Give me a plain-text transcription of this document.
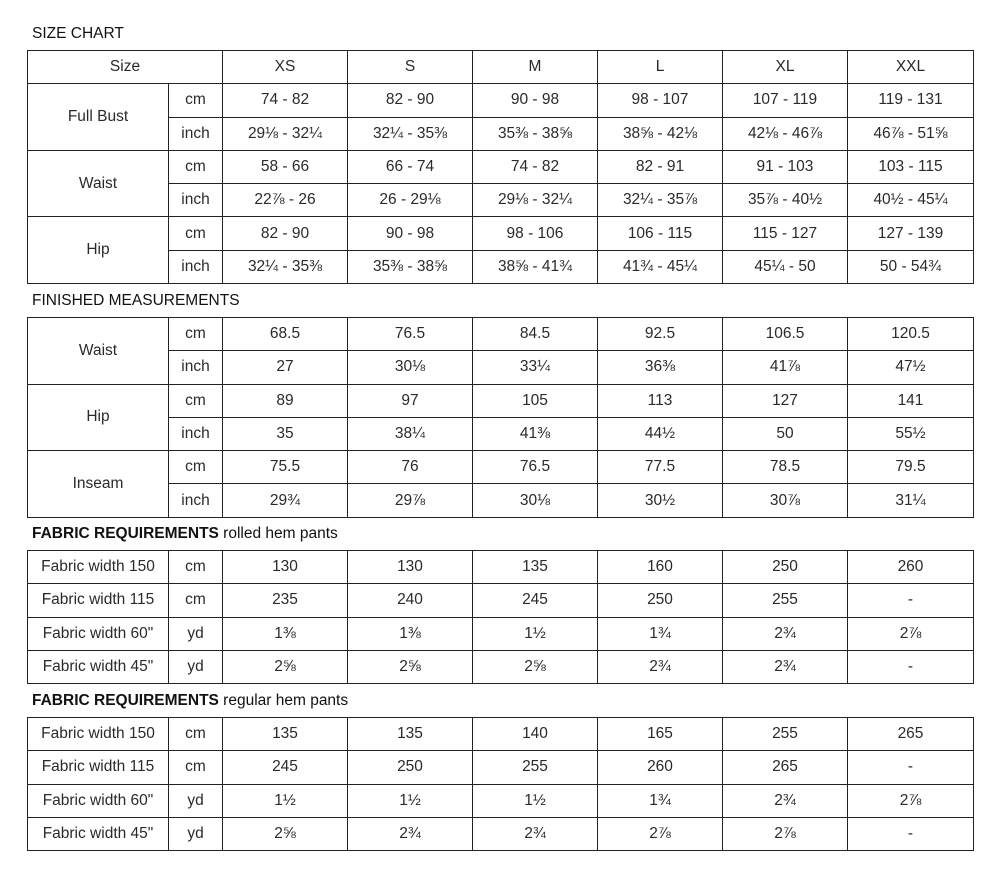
SIZE CHART
Size		XS	S	M	L	XL	XXL
Full Bust	cm	74 - 82	82 - 90	90 - 98	98 - 107	107 - 119	119 - 131
	inch	29⅛ - 32¼	32¼ - 35⅜	35⅜ - 38⅝	38⅝ - 42⅛	42⅛ - 46⅞	46⅞ - 51⅝
Waist	cm	58 - 66	66 - 74	74 - 82	82 - 91	91 - 103	103 - 115
	inch	22⅞ - 26	26 - 29⅛	29⅛ - 32¼	32¼ - 35⅞	35⅞ - 40½	40½ - 45¼
Hip	cm	82 - 90	90 - 98	98 - 106	106 - 115	115 - 127	127 - 139
	inch	32¼ - 35⅜	35⅜ - 38⅝	38⅝ - 41¾	41¾ - 45¼	45¼ - 50	50 - 54¾
FINISHED MEASUREMENTS
Waist	cm	68.5	76.5	84.5	92.5	106.5	120.5
	inch	27	30⅛	33¼	36⅜	41⅞	47½
Hip	cm	89	97	105	113	127	141
	inch	35	38¼	41⅜	44½	50	55½
Inseam	cm	75.5	76	76.5	77.5	78.5	79.5
	inch	29¾	29⅞	30⅛	30½	30⅞	31¼
FABRIC REQUIREMENTS rolled hem pants
Fabric width 150	cm	130	130	135	160	250	260
Fabric width 115	cm	235	240	245	250	255	-
Fabric width 60"	yd	1⅜	1⅜	1½	1¾	2¾	2⅞
Fabric width 45"	yd	2⅝	2⅝	2⅝	2¾	2¾	-
FABRIC REQUIREMENTS regular hem pants
Fabric width 150	cm	135	135	140	165	255	265
Fabric width 115	cm	245	250	255	260	265	-
Fabric width 60"	yd	1½	1½	1½	1¾	2¾	2⅞
Fabric width 45"	yd	2⅝	2¾	2¾	2⅞	2⅞	-
